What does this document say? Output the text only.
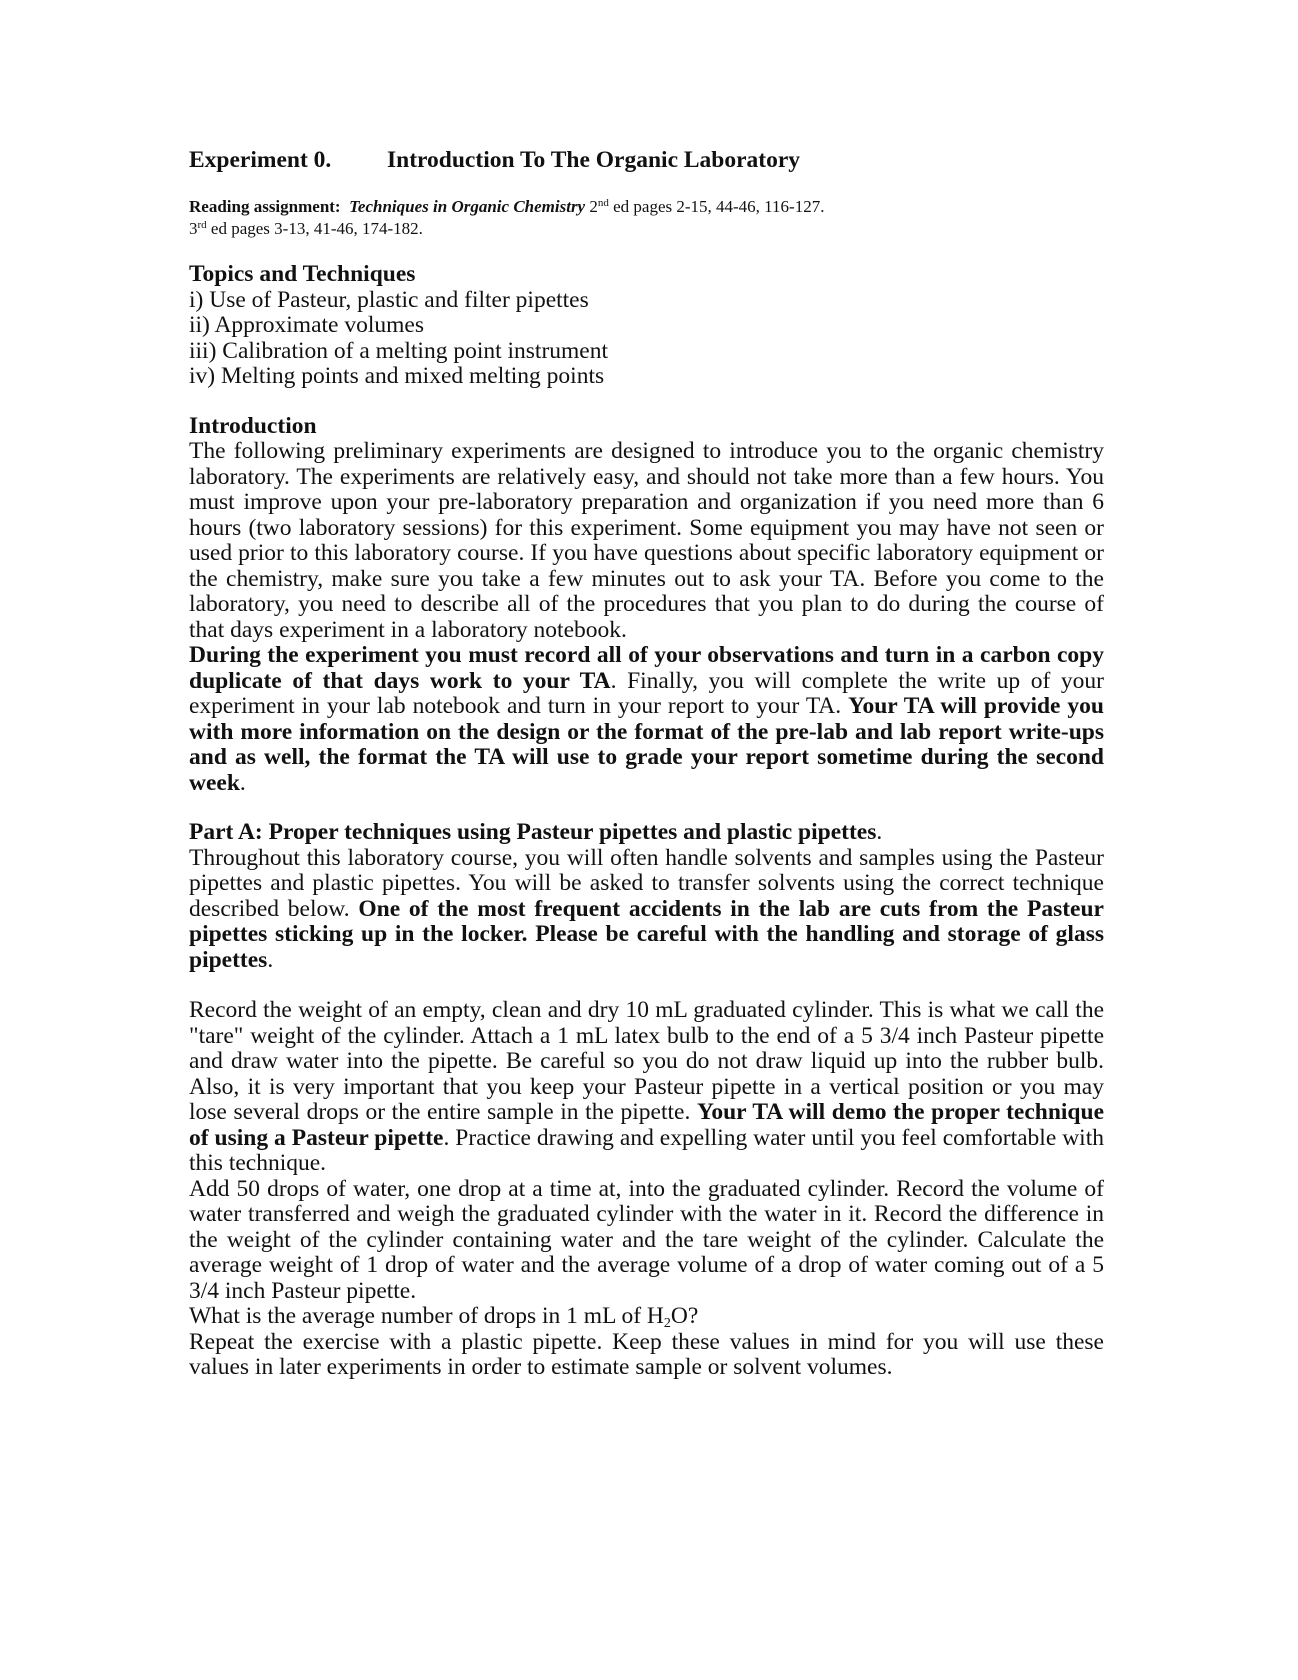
Experiment 0. Introduction To The Organic Laboratory
Reading assignment: Techniques in Organic Chemistry 2nd ed pages 2-15, 44-46, 116-127.
3rd ed pages 3-13, 41-46, 174-182.
Topics and Techniques
i) Use of Pasteur, plastic and filter pipettes
ii) Approximate volumes
iii) Calibration of a melting point instrument
iv) Melting points and mixed melting points
Introduction

The following preliminary experiments are designed to introduce you to the organic chemistry laboratory. The experiments are relatively easy, and should not take more than a few hours. You must improve upon your pre-laboratory preparation and organization if you need more than 6 hours (two laboratory sessions) for this experiment. Some equipment you may have not seen or used prior to this laboratory course. If you have questions about specific laboratory equipment or the chemistry, make sure you take a few minutes out to ask your TA. Before you come to the laboratory, you need to describe all of the procedures that you plan to do during the course of that days experiment in a laboratory notebook.

During the experiment you must record all of your observations and turn in a carbon copy duplicate of that days work to your TA. Finally, you will complete the write up of your experiment in your lab notebook and turn in your report to your TA. Your TA will provide you with more information on the design or the format of the pre-lab and lab report write-ups and as well, the format the TA will use to grade your report sometime during the second week.

Part A: Proper techniques using Pasteur pipettes and plastic pipettes.

Throughout this laboratory course, you will often handle solvents and samples using the Pasteur pipettes and plastic pipettes. You will be asked to transfer solvents using the correct technique described below. One of the most frequent accidents in the lab are cuts from the Pasteur pipettes sticking up in the locker. Please be careful with the handling and storage of glass pipettes.

Record the weight of an empty, clean and dry 10 mL graduated cylinder. This is what we call the "tare" weight of the cylinder. Attach a 1 mL latex bulb to the end of a 5 3/4 inch Pasteur pipette and draw water into the pipette. Be careful so you do not draw liquid up into the rubber bulb. Also, it is very important that you keep your Pasteur pipette in a vertical position or you may lose several drops or the entire sample in the pipette. Your TA will demo the proper technique of using a Pasteur pipette. Practice drawing and expelling water until you feel comfortable with this technique.

Add 50 drops of water, one drop at a time at, into the graduated cylinder. Record the volume of water transferred and weigh the graduated cylinder with the water in it. Record the difference in the weight of the cylinder containing water and the tare weight of the cylinder. Calculate the average weight of 1 drop of water and the average volume of a drop of water coming out of a 5 3/4 inch Pasteur pipette.

What is the average number of drops in 1 mL of $H_2O$?

Repeat the exercise with a plastic pipette. Keep these values in mind for you will use these values in later experiments in order to estimate sample or solvent volumes.
